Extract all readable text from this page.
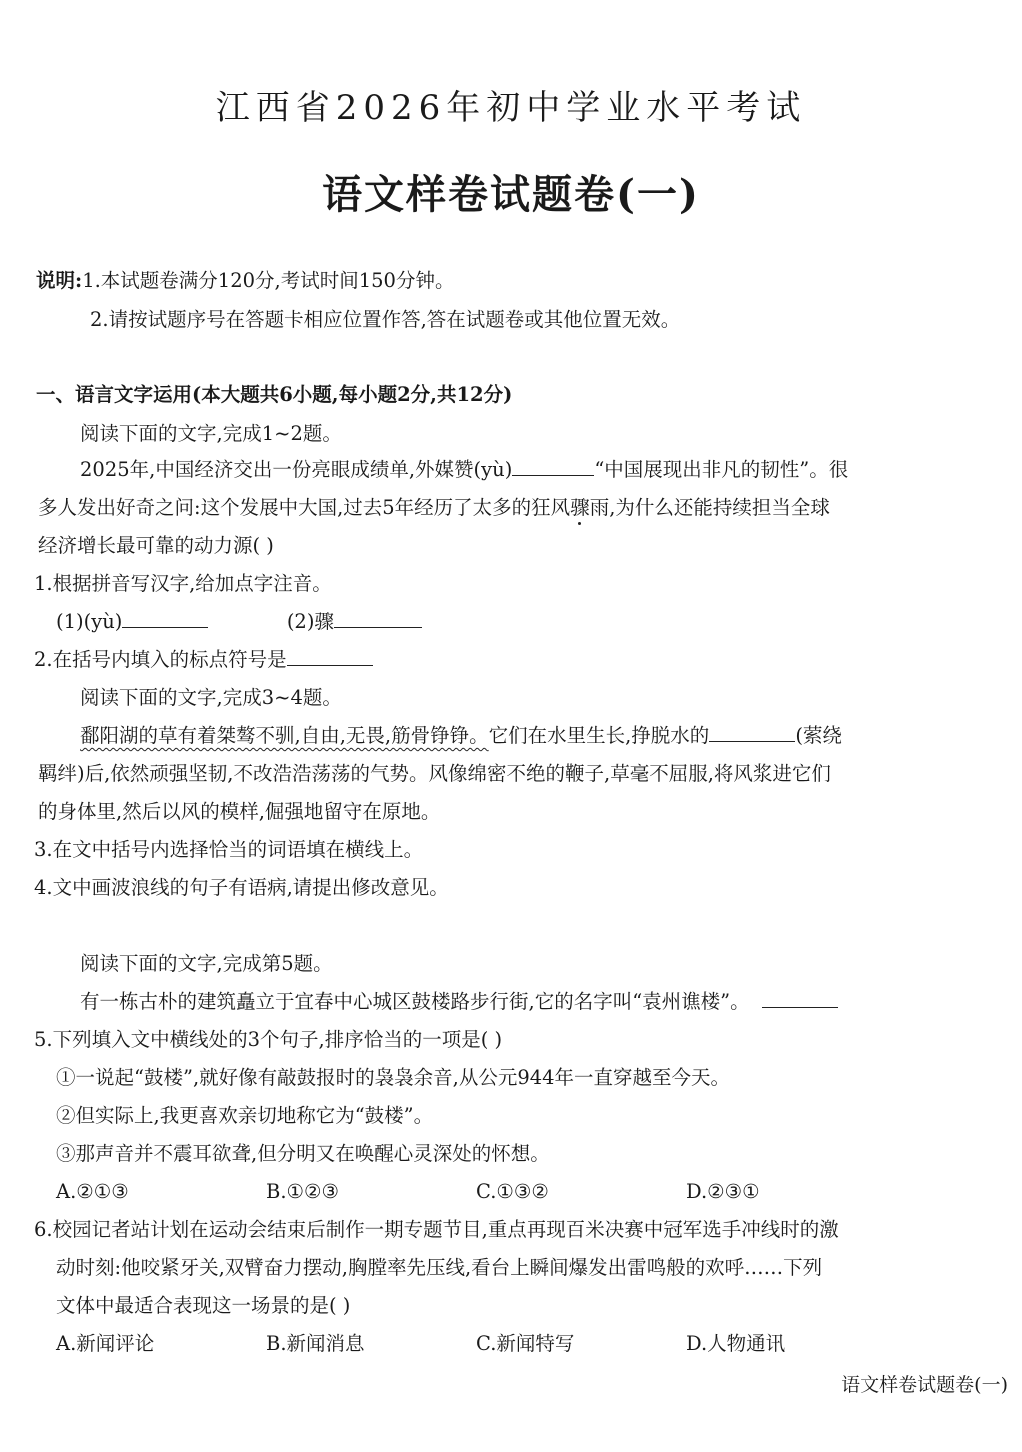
江西省2026年初中学业水平考试
语文样卷试题卷(一)
说明:1.本试题卷满分120分,考试时间150分钟。
2.请按试题序号在答题卡相应位置作答,答在试题卷或其他位置无效。
一、语言文字运用(本大题共6小题,每小题2分,共12分)
阅读下面的文字,完成1~2题。
2025年,中国经济交出一份亮眼成绩单,外媒赞(yù)	“中国展现出非凡的韧性”。很
多人发出好奇之问:这个发展中大国,过去5年经历了太多的狂风骤雨,为什么还能持续担当全球
经济增长最可靠的动力源( )
1.根据拼音写汉字,给加点字注音。
(1)(yù)	(2)骤
2.在括号内填入的标点符号是
阅读下面的文字,完成3~4题。
鄱阳湖的草有着桀骜不驯,自由,无畏,筋骨铮铮。它们在水里生长,挣脱水的	(萦绕
羁绊)后,依然顽强坚韧,不改浩浩荡荡的气势。风像绵密不绝的鞭子,草毫不屈服,将风浆进它们
的身体里,然后以风的模样,倔强地留守在原地。
3.在文中括号内选择恰当的词语填在横线上。
4.文中画波浪线的句子有语病,请提出修改意见。
阅读下面的文字,完成第5题。
有一栋古朴的建筑矗立于宜春中心城区鼓楼路步行街,它的名字叫“袁州谯楼”。
5.下列填入文中横线处的3个句子,排序恰当的一项是( )
①一说起“鼓楼”,就好像有敲鼓报时的袅袅余音,从公元944年一直穿越至今天。
②但实际上,我更喜欢亲切地称它为“鼓楼”。
③那声音并不震耳欲聋,但分明又在唤醒心灵深处的怀想。
A.②①③	B.①②③	C.①③②	D.②③①
6.校园记者站计划在运动会结束后制作一期专题节目,重点再现百米决赛中冠军选手冲线时的激
动时刻:他咬紧牙关,双臂奋力摆动,胸膛率先压线,看台上瞬间爆发出雷鸣般的欢呼……下列
文体中最适合表现这一场景的是( )
A.新闻评论	B.新闻消息	C.新闻特写	D.人物通讯
语文样卷试题卷(一)
